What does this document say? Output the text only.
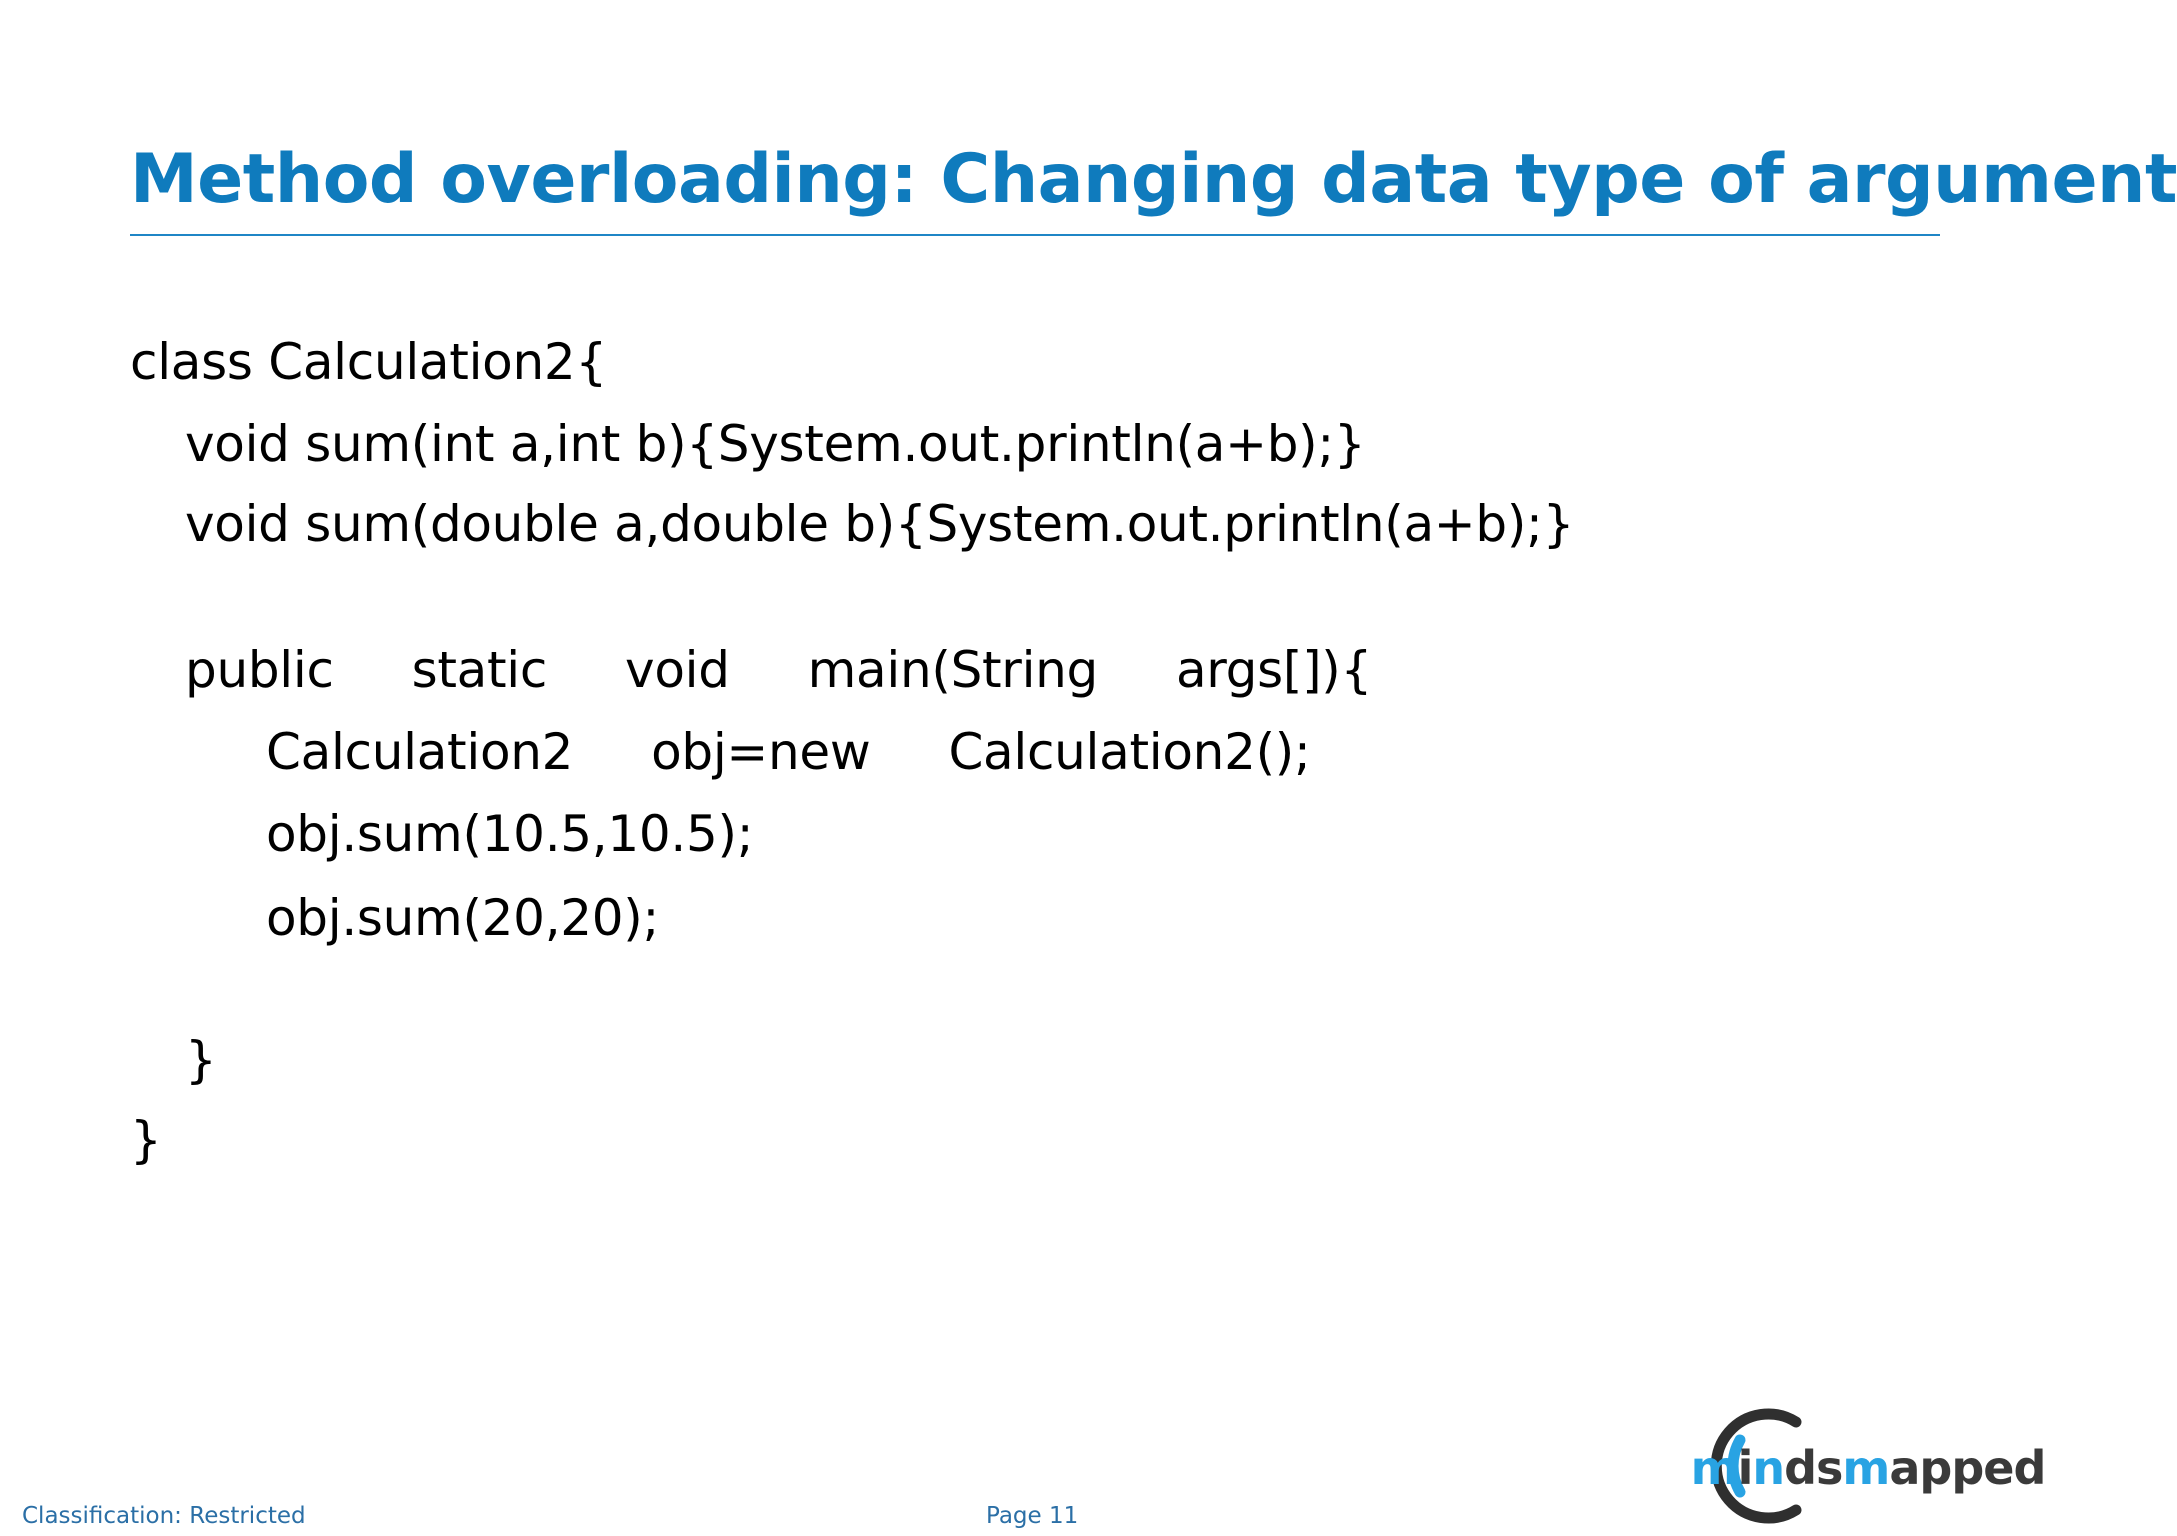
Method overloading: Changing data type of argument

class Calculation2{

void sum(int a,int b){System.out.println(a+b);}

void sum(double a,double b){System.out.println(a+b);}

public     static     void     main(String     args[]){

Calculation2     obj=new     Calculation2();

obj.sum(10.5,10.5);

obj.sum(20,20);

}

}

Classification: Restricted	Page 11
mindsmapped
